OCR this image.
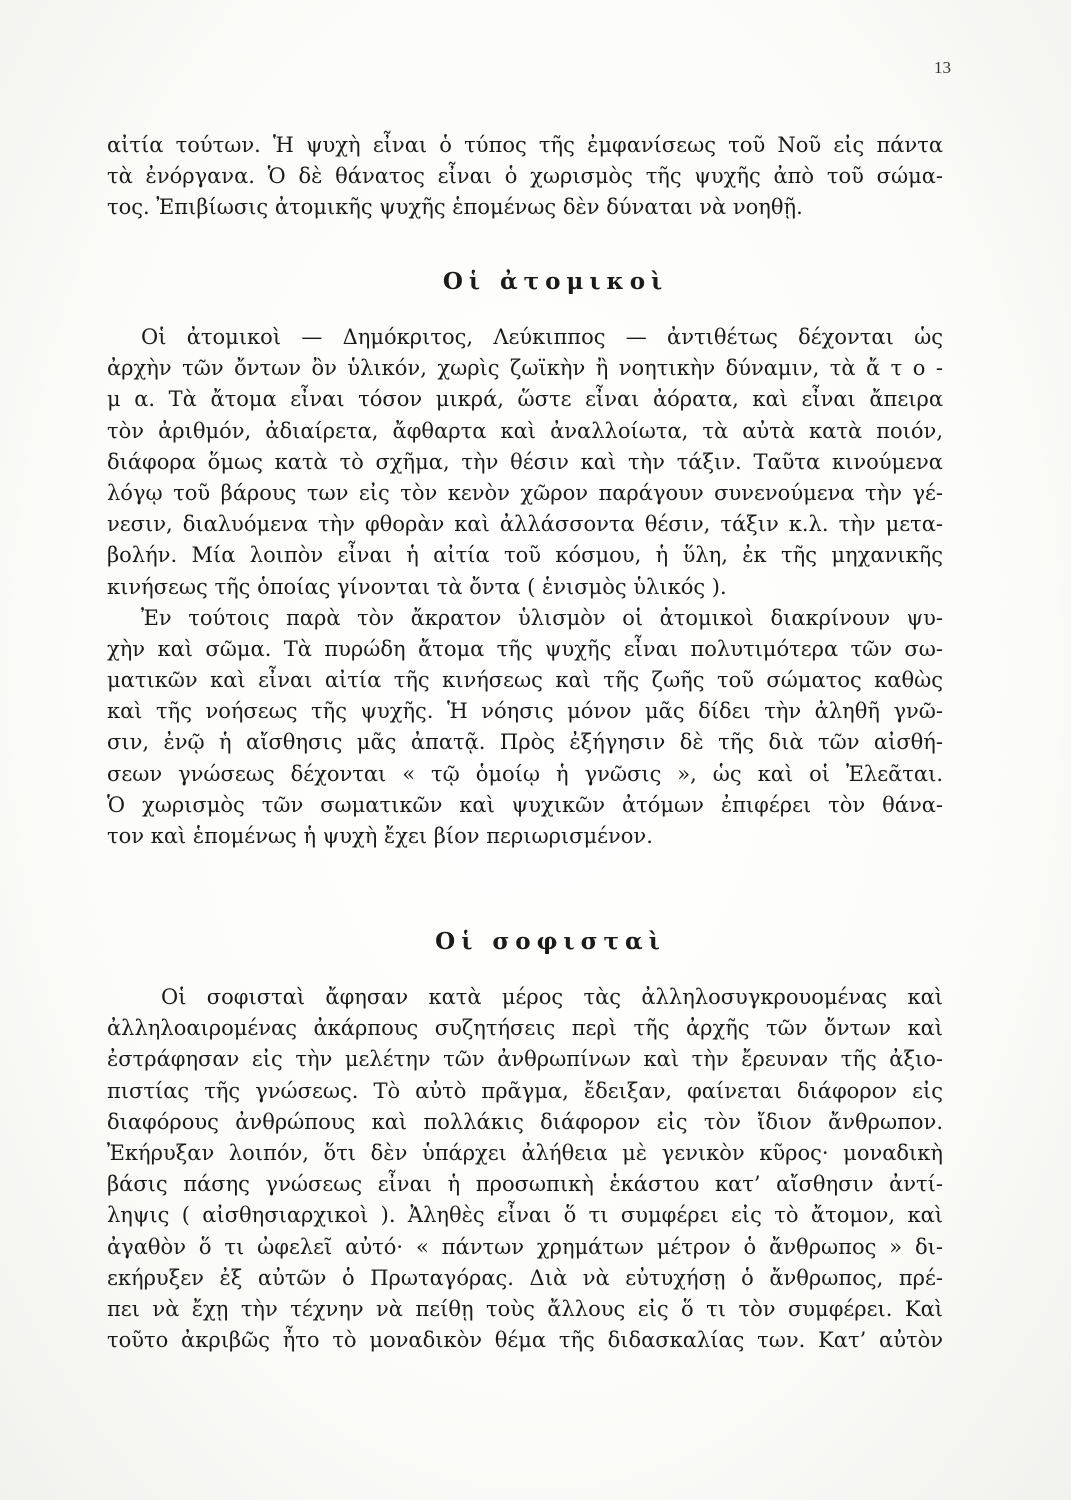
13
αἰτία τούτων. Ἡ ψυχὴ εἶναι ὁ τύπος τῆς ἐμφανίσεως τοῦ Νοῦ εἰς πάντα
τὰ ἐνόργανα. Ὁ δὲ θάνατος εἶναι ὁ χωρισμὸς τῆς ψυχῆς ἀπὸ τοῦ σώμα-
τος. Ἐπιβίωσις ἀτομικῆς ψυχῆς ἑπομένως δὲν δύναται νὰ νοηθῇ.
Οἱ ἀτομικοὶ
Οἱ ἀτομικοὶ — Δημόκριτος, Λεύκιππος — ἀντιθέτως δέχονται ὡς
ἀρχὴν τῶν ὄντων ὂν ὑλικόν, χωρὶς ζωϊκὴν ἢ νοητικὴν δύναμιν, τὰ ἄ τ ο -
μ α. Τὰ ἄτομα εἶναι τόσον μικρά, ὥστε εἶναι ἀόρατα, καὶ εἶναι ἄπειρα
τὸν ἀριθμόν, ἀδιαίρετα, ἄφθαρτα καὶ ἀναλλοίωτα, τὰ αὐτὰ κατὰ ποιόν,
διάφορα ὅμως κατὰ τὸ σχῆμα, τὴν θέσιν καὶ τὴν τάξιν. Ταῦτα κινούμενα
λόγῳ τοῦ βάρους των εἰς τὸν κενὸν χῶρον παράγουν συνενούμενα τὴν γέ-
νεσιν, διαλυόμενα τὴν φθορὰν καὶ ἀλλάσσοντα θέσιν, τάξιν κ.λ. τὴν μετα-
βολήν. Μία λοιπὸν εἶναι ἡ αἰτία τοῦ κόσμου, ἡ ὕλη, ἐκ τῆς μηχανικῆς
κινήσεως τῆς ὁποίας γίνονται τὰ ὄντα ( ἑνισμὸς ὑλικός ).
Ἐν τούτοις παρὰ τὸν ἄκρατον ὑλισμὸν οἱ ἀτομικοὶ διακρίνουν ψυ-
χὴν καὶ σῶμα. Τὰ πυρώδη ἄτομα τῆς ψυχῆς εἶναι πολυτιμότερα τῶν σω-
ματικῶν καὶ εἶναι αἰτία τῆς κινήσεως καὶ τῆς ζωῆς τοῦ σώματος καθὼς
καὶ τῆς νοήσεως τῆς ψυχῆς. Ἡ νόησις μόνον μᾶς δίδει τὴν ἀληθῆ γνῶ-
σιν, ἐνῷ ἡ αἴσθησις μᾶς ἀπατᾷ. Πρὸς ἐξήγησιν δὲ τῆς διὰ τῶν αἰσθή-
σεων γνώσεως δέχονται « τῷ ὁμοίῳ ἡ γνῶσις », ὡς καὶ οἱ Ἐλεᾶται.
Ὁ χωρισμὸς τῶν σωματικῶν καὶ ψυχικῶν ἀτόμων ἐπιφέρει τὸν θάνα-
τον καὶ ἑπομένως ἡ ψυχὴ ἔχει βίον περιωρισμένον.
Οἱ σοφισταὶ
Οἱ σοφισταὶ ἄφησαν κατὰ μέρος τὰς ἀλληλοσυγκρουομένας καὶ
ἀλληλοαιρομένας ἀκάρπους συζητήσεις περὶ τῆς ἀρχῆς τῶν ὄντων καὶ
ἐστράφησαν εἰς τὴν μελέτην τῶν ἀνθρωπίνων καὶ τὴν ἔρευναν τῆς ἀξιο-
πιστίας τῆς γνώσεως. Τὸ αὐτὸ πρᾶγμα, ἔδειξαν, φαίνεται διάφορον εἰς
διαφόρους ἀνθρώπους καὶ πολλάκις διάφορον εἰς τὸν ἴδιον ἄνθρωπον.
Ἐκήρυξαν λοιπόν, ὅτι δὲν ὑπάρχει ἀλήθεια μὲ γενικὸν κῦρος· μοναδικὴ
βάσις πάσης γνώσεως εἶναι ἡ προσωπικὴ ἑκάστου κατ’ αἴσθησιν ἀντί-
ληψις ( αἰσθησιαρχικοὶ ). Ἀληθὲς εἶναι ὅ τι συμφέρει εἰς τὸ ἄτομον, καὶ
ἀγαθὸν ὅ τι ὠφελεῖ αὐτό· « πάντων χρημάτων μέτρον ὁ ἄνθρωπος » δι-
εκήρυξεν ἐξ αὐτῶν ὁ Πρωταγόρας. Διὰ νὰ εὐτυχήσῃ ὁ ἄνθρωπος, πρέ-
πει νὰ ἔχῃ τὴν τέχνην νὰ πείθῃ τοὺς ἄλλους εἰς ὅ τι τὸν συμφέρει. Καὶ
τοῦτο ἀκριβῶς ἦτο τὸ μοναδικὸν θέμα τῆς διδασκαλίας των. Κατ’ αὐτὸν
